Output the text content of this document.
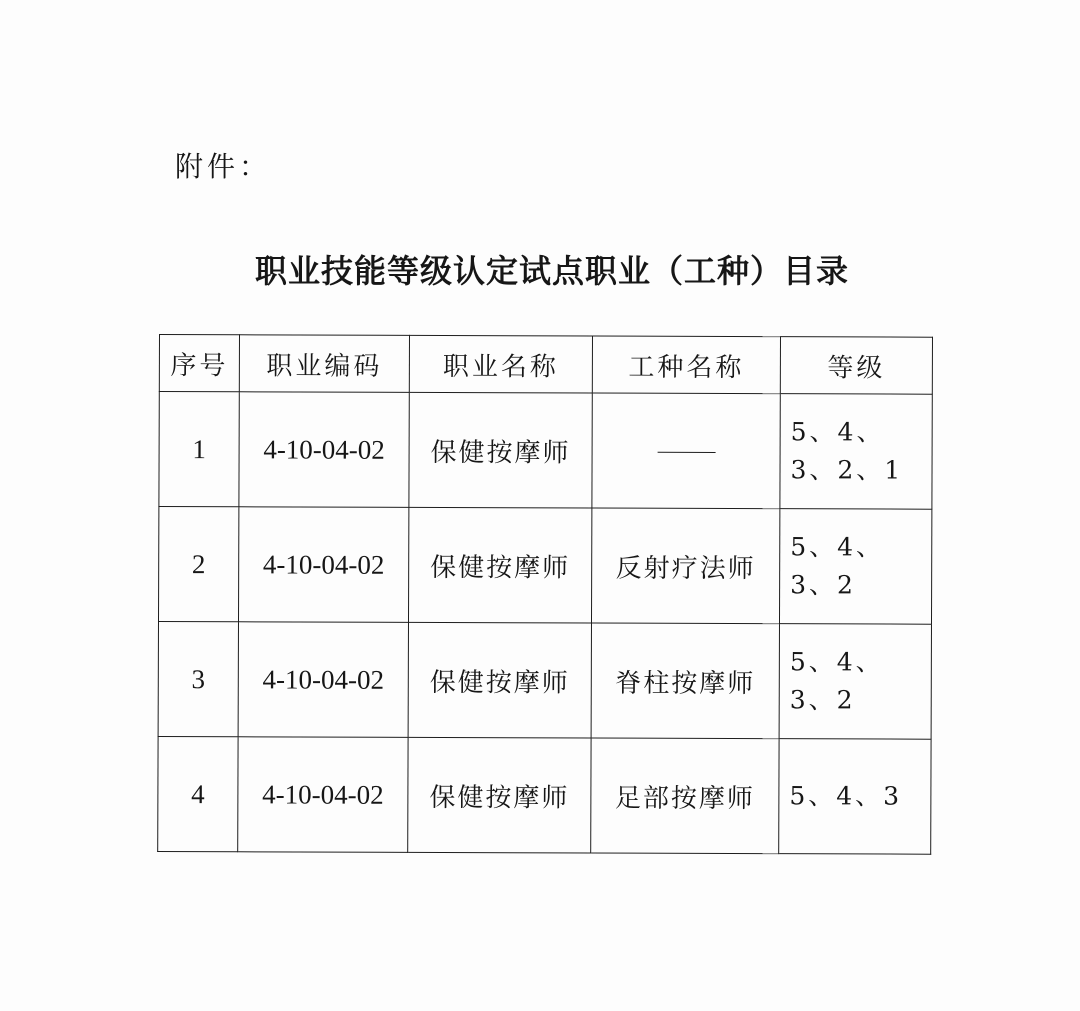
附件：
职业技能等级认定试点职业（工种）目录
序号	职业编码	职业名称	工种名称	等级
1	4-10-04-02	保健按摩师		5、4、3、2、1

2	4-10-04-02	保健按摩师	反射疗法师	5、4、3、2

3	4-10-04-02	保健按摩师	脊柱按摩师	5、4、3、2

4	4-10-04-02	保健按摩师	足部按摩师	5、4、3
